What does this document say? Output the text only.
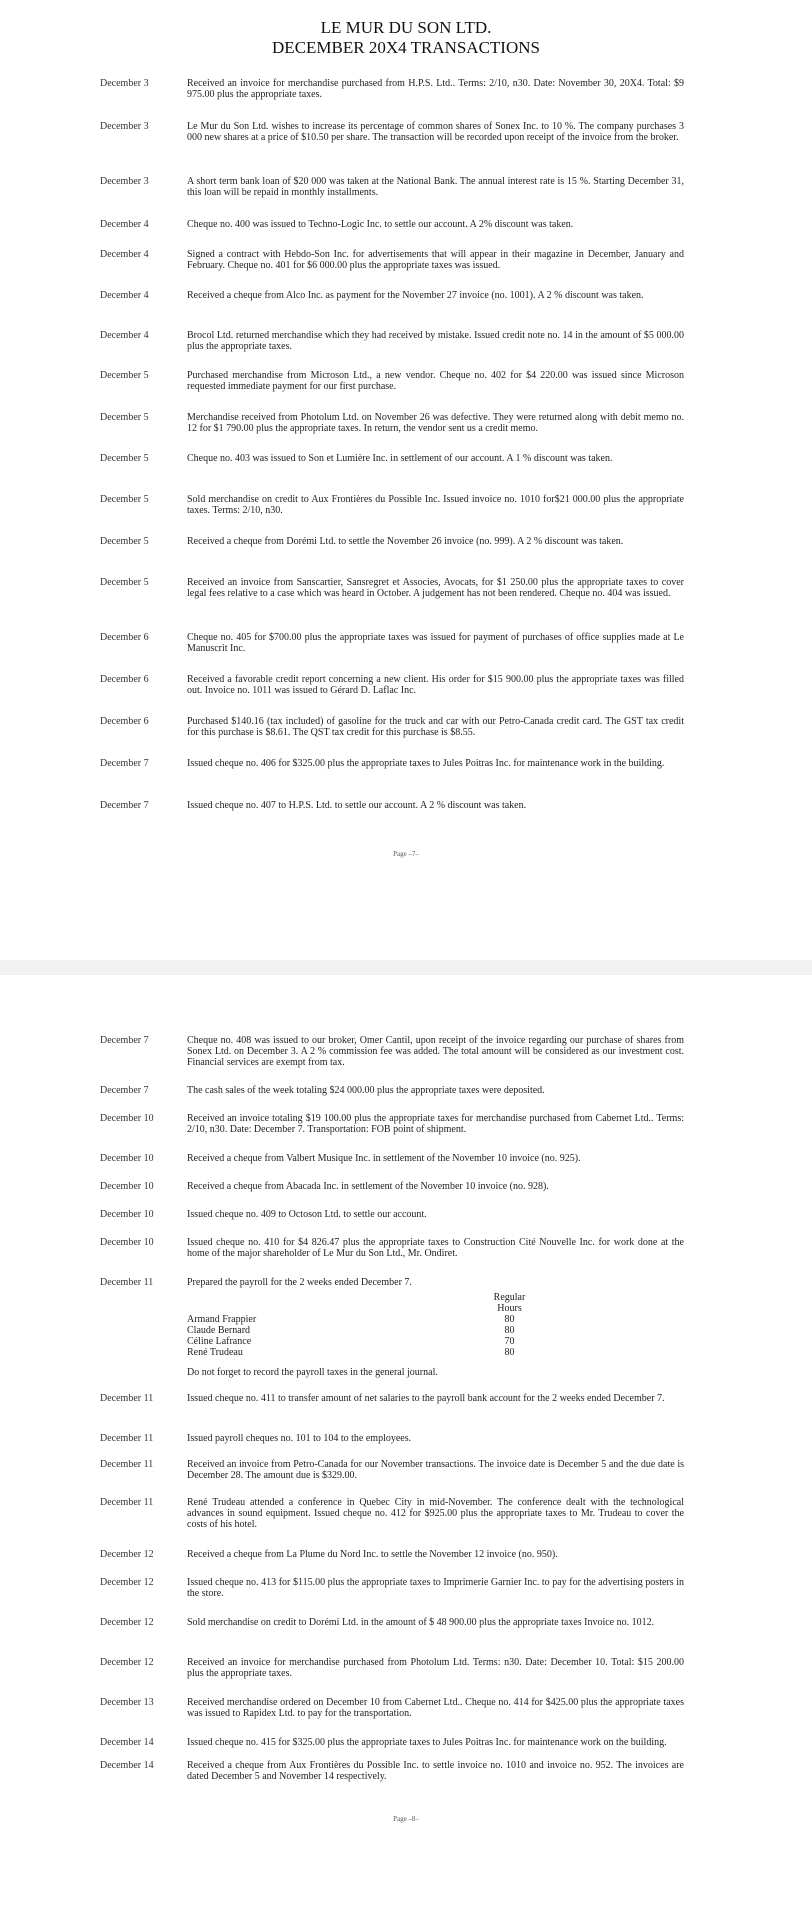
LE MUR DU SON LTD.
DECEMBER 20X4 TRANSACTIONS
December 3	Received an invoice for merchandise purchased from H.P.S. Ltd.. Terms: 2/10, n30. Date: November 30, 20X4. Total: $9 975.00 plus the appropriate taxes.
December 3	Le Mur du Son Ltd. wishes to increase its percentage of common shares of Sonex Inc. to 10 %. The company purchases 3 000 new shares at a price of $10.50 per share. The transaction will be recorded upon receipt of the invoice from the broker.
December 3	A short term bank loan of $20 000 was taken at the National Bank. The annual interest rate is 15 %. Starting December 31, this loan will be repaid in monthly installments.
December 4	Cheque no. 400 was issued to Techno-Logic Inc. to settle our account. A 2% discount was taken.
December 4	Signed a contract with Hebdo-Son Inc. for advertisements that will appear in their magazine in December, January and February. Cheque no. 401 for $6 000.00 plus the appropriate taxes was issued.
December 4	Received a cheque from Alco Inc. as payment for the November 27 invoice (no. 1001). A 2 % discount was taken.
December 4	Brocol Ltd. returned merchandise which they had received by mistake. Issued credit note no. 14 in the amount of $5 000.00 plus the appropriate taxes.
December 5	Purchased merchandise from Microson Ltd., a new vendor. Cheque no. 402 for $4 220.00 was issued since Microson requested immediate payment for our first purchase.
December 5	Merchandise received from Photolum Ltd. on November 26 was defective. They were returned along with debit memo no. 12 for $1 790.00 plus the appropriate taxes. In return, the vendor sent us a credit memo.
December 5	Cheque no. 403 was issued to Son et Lumière Inc. in settlement of our account. A 1 % discount was taken.
December 5	Sold merchandise on credit to Aux Frontières du Possible Inc. Issued invoice no. 1010 for$21 000.00 plus the appropriate taxes. Terms: 2/10, n30.
December 5	Received a cheque from Dorémi Ltd. to settle the November 26 invoice (no. 999). A 2 % discount was taken.
December 5	Received an invoice from Sanscartier, Sansregret et Associes, Avocats, for $1 250.00 plus the appropriate taxes to cover legal fees relative to a case which was heard in October. A judgement has not been rendered. Cheque no. 404 was issued.
December 6	Cheque no. 405 for $700.00 plus the appropriate taxes was issued for payment of purchases of office supplies made at Le Manuscrit Inc.
December 6	Received a favorable credit report concerning a new client. His order for $15 900.00 plus the appropriate taxes was filled out. Invoice no. 1011 was issued to Gérard D. Laflac Inc.
December 6	Purchased $140.16 (tax included) of gasoline for the truck and car with our Petro-Canada credit card. The GST tax credit for this purchase is $8.61. The QST tax credit for this purchase is $8.55.
December 7	Issued cheque no. 406 for $325.00 plus the appropriate taxes to Jules Poitras Inc. for maintenance work in the building.
December 7	Issued cheque no. 407 to H.P.S. Ltd. to settle our account. A 2 % discount was taken.
Page –7–
December 7	Cheque no. 408 was issued to our broker, Omer Cantil, upon receipt of the invoice regarding our purchase of shares from Sonex Ltd. on December 3. A 2 % commission fee was added. The total amount will be considered as our investment cost. Financial services are exempt from tax.
December 7	The cash sales of the week totaling $24 000.00 plus the appropriate taxes were deposited.
December 10	Received an invoice totaling $19 100.00 plus the appropriate taxes for merchandise purchased from Cabernet Ltd.. Terms: 2/10, n30. Date: December 7. Transportation: FOB point of shipment.
December 10	Received a cheque from Valbert Musique Inc. in settlement of the November 10 invoice (no. 925).
December 10	Received a cheque from Abacada Inc. in settlement of the November 10 invoice (no. 928).
December 10	Issued cheque no. 409 to Octoson Ltd. to settle our account.
December 10	Issued cheque no. 410 for $4 826.47 plus the appropriate taxes to Construction Cité Nouvelle Inc. for work done at the home of the major shareholder of Le Mur du Son Ltd., Mr. Ondiret.
December 11	Prepared the payroll for the 2 weeks ended December 7.
Regular
Hours
Armand Frappier	80
Claude Bernard	80
Céline Lafrance	70
René Trudeau	80
Do not forget to record the payroll taxes in the general journal.
December 11	Issued cheque no. 411 to transfer amount of net salaries to the payroll bank account for the 2 weeks ended December 7.
December 11	Issued payroll cheques no. 101 to 104 to the employees.
December 11	Received an invoice from Petro-Canada for our November transactions. The invoice date is December 5 and the due date is December 28. The amount due is $329.00.
December 11	René Trudeau attended a conference in Quebec City in mid-November. The conference dealt with the technological advances in sound equipment. Issued cheque no. 412 for $925.00 plus the appropriate taxes to Mr. Trudeau to cover the costs of his hotel.
December 12	Received a cheque from La Plume du Nord Inc. to settle the November 12 invoice (no. 950).
December 12	Issued cheque no. 413 for $115.00 plus the appropriate taxes to Imprimerie Garnier Inc. to pay for the advertising posters in the store.
December 12	Sold merchandise on credit to Dorémi Ltd. in the amount of $ 48 900.00 plus the appropriate taxes Invoice no. 1012.
December 12	Received an invoice for merchandise purchased from Photolum Ltd. Terms: n30. Date: December 10. Total: $15 200.00 plus the appropriate taxes.
December 13	Received merchandise ordered on December 10 from Cabernet Ltd.. Cheque no. 414 for $425.00 plus the appropriate taxes was issued to Rapidex Ltd. to pay for the transportation.
December 14	Issued cheque no. 415 for $325.00 plus the appropriate taxes to Jules Poitras Inc. for maintenance work on the building.
December 14	Received a cheque from Aux Frontières du Possible Inc. to settle invoice no. 1010 and invoice no. 952. The invoices are dated December 5 and November 14 respectively.
Page –8–
